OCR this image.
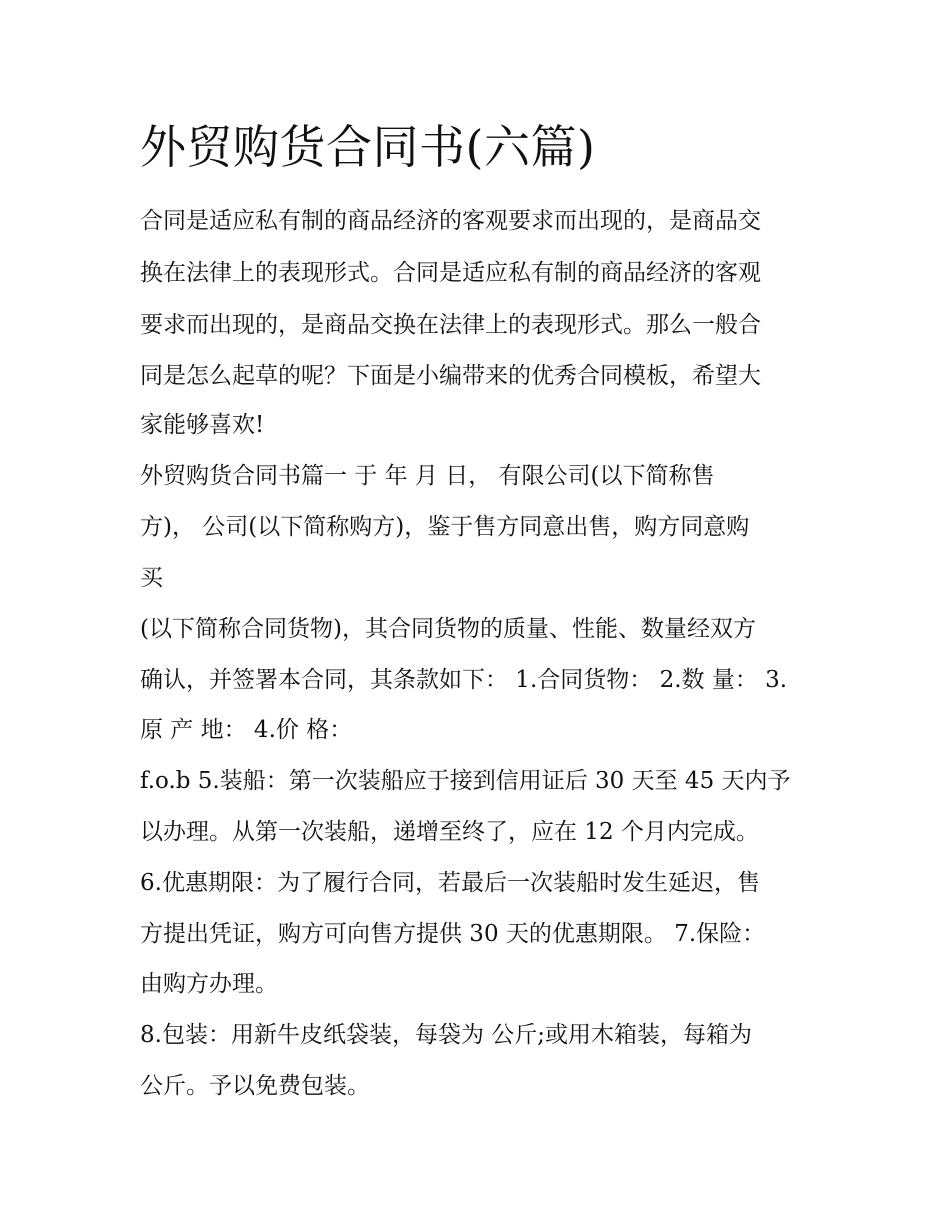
外贸购货合同书(六篇)
合同是适应私有制的商品经济的客观要求而出现的，是商品交
换在法律上的表现形式。合同是适应私有制的商品经济的客观
要求而出现的，是商品交换在法律上的表现形式。那么一般合
同是怎么起草的呢？下面是小编带来的优秀合同模板，希望大
家能够喜欢!
外贸购货合同书篇一 于 年 月 日， 有限公司(以下简称售
方)， 公司(以下简称购方)，鉴于售方同意出售，购方同意购
买
(以下简称合同货物)，其合同货物的质量、性能、数量经双方
确认，并签署本合同，其条款如下： 1.合同货物： 2.数 量： 3.
原 产 地： 4.价 格：
f.o.b 5.装船：第一次装船应于接到信用证后 30 天至 45 天内予
以办理。从第一次装船，递增至终了，应在 12 个月内完成。
6.优惠期限：为了履行合同，若最后一次装船时发生延迟，售
方提出凭证，购方可向售方提供 30 天的优惠期限。 7.保险：
由购方办理。
8.包装：用新牛皮纸袋装，每袋为 公斤;或用木箱装，每箱为
公斤。予以免费包装。
